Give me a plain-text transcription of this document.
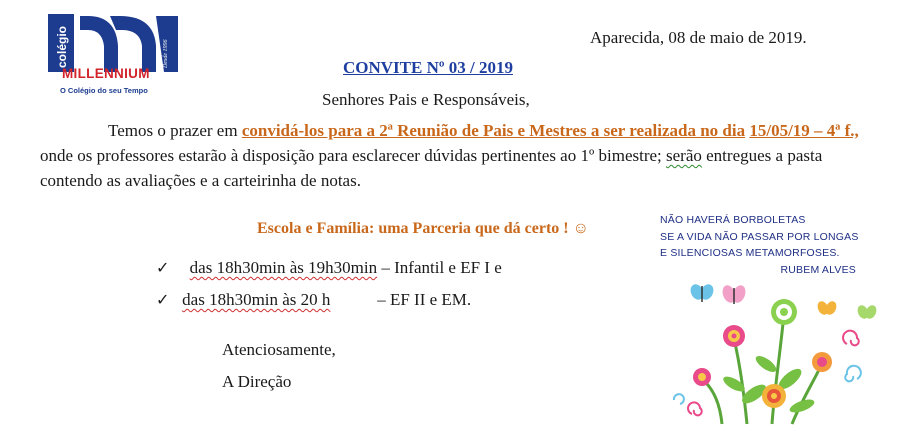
colégio	Desde 1996
MILLENNIUM
O Colégio do seu Tempo
Aparecida, 08 de maio de 2019.
CONVITE Nº 03 / 2019
Senhores Pais e Responsáveis,
Temos o prazer em convidá-los para a 2ª Reunião de Pais e Mestres a ser realizada no dia 15/05/19 – 4ª f., onde os professores estarão à disposição para esclarecer dúvidas pertinentes ao 1º bimestre; serão entregues a pasta contendo as avaliações e a carteirinha de notas.
Escola e Família: uma Parceria que dá certo ! ☺
✓ das 18h30min às 19h30min – Infantil e EF I e
✓ das 18h30min às 20 h           – EF II e EM.
Atenciosamente,
A Direção
NÃO HAVERÁ BORBOLETAS
SE A VIDA NÃO PASSAR POR LONGAS
E SILENCIOSAS METAMORFOSES.
RUBEM ALVES
